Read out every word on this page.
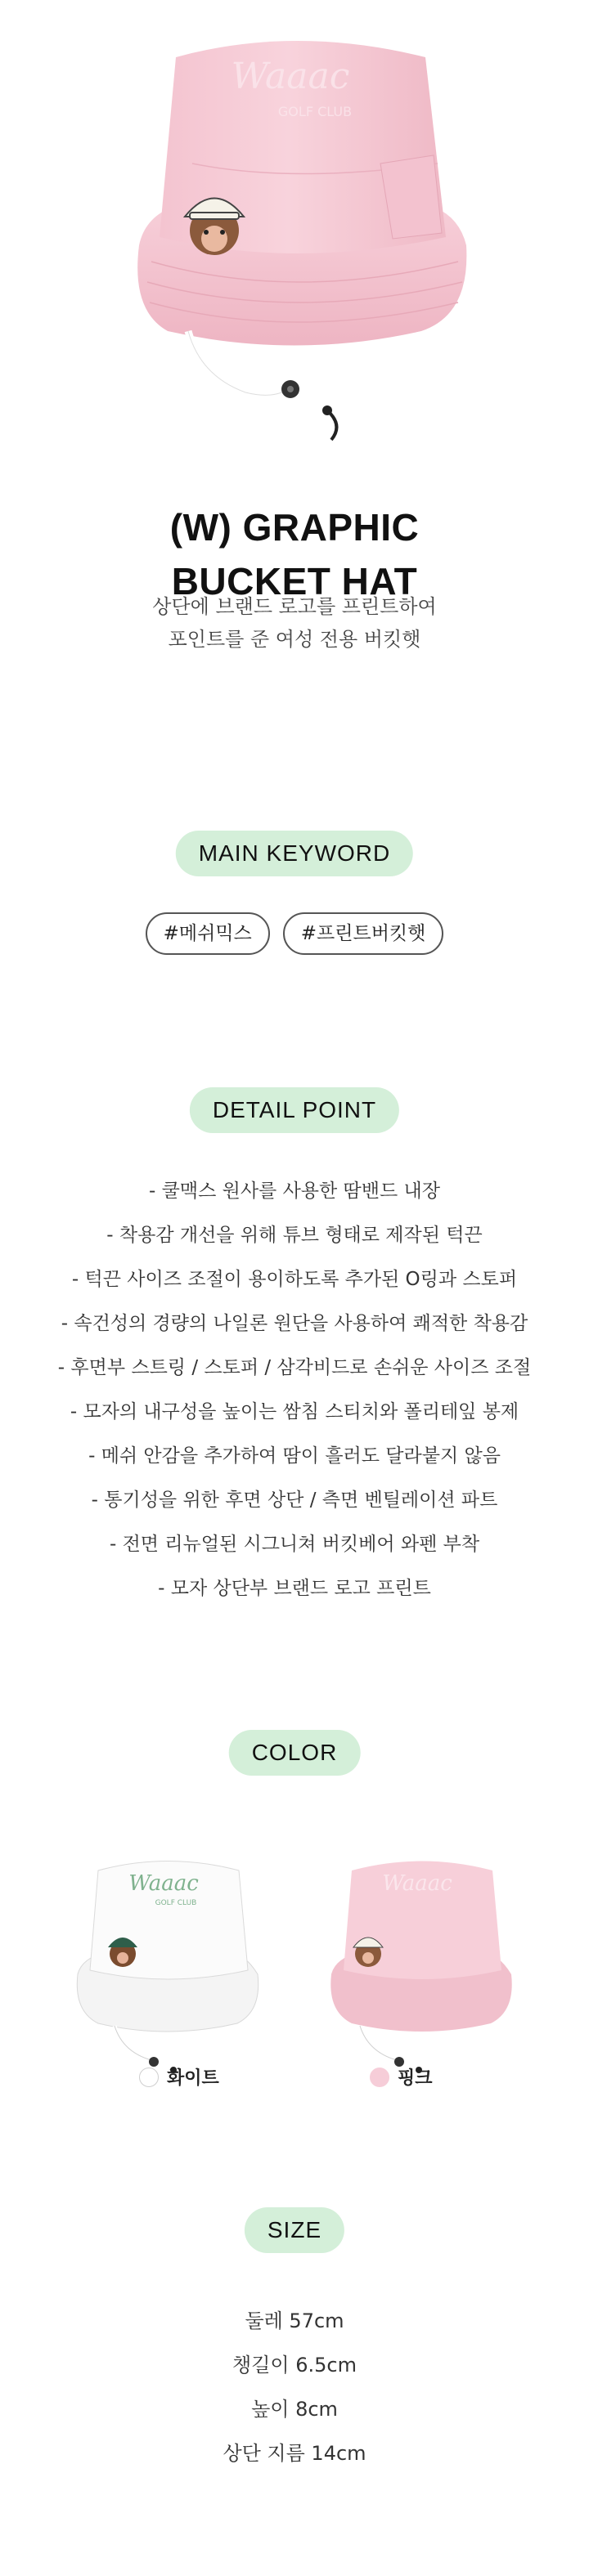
Waaac
GOLF CLUB
(W) GRAPHIC
BUCKET HAT
상단에 브랜드 로고를 프린트하여
포인트를 준 여성 전용 버킷햇
MAIN KEYWORD
#메쉬믹스	#프린트버킷햇
DETAIL POINT
- 쿨맥스 원사를 사용한 땀밴드 내장
- 착용감 개선을 위해 튜브 형태로 제작된 턱끈
- 턱끈 사이즈 조절이 용이하도록 추가된 O링과 스토퍼
- 속건성의 경량의 나일론 원단을 사용하여 쾌적한 착용감
- 후면부 스트링 / 스토퍼 / 삼각비드로 손쉬운 사이즈 조절
- 모자의 내구성을 높이는 쌈침 스티치와 폴리테잎 봉제
- 메쉬 안감을 추가하여 땀이 흘러도 달라붙지 않음
- 통기성을 위한 후면 상단 / 측면 벤틸레이션 파트
- 전면 리뉴얼된 시그니쳐 버킷베어 와펜 부착
- 모자 상단부 브랜드 로고 프린트
COLOR
Waaac
GOLF CLUB
Waaac
화이트	핑크
SIZE
둘레 57cm
챙길이 6.5cm
높이 8cm
상단 지름 14cm
